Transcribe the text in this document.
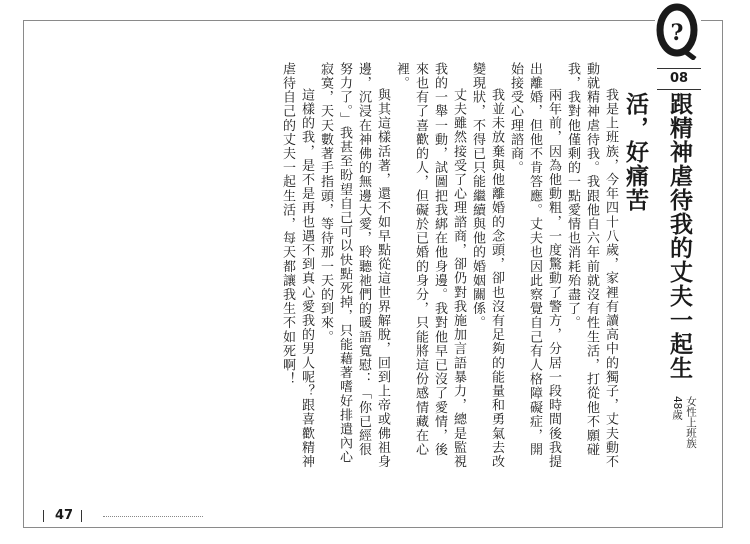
?
08
跟精神虐待我的丈夫一起生活，好痛苦
女性上班族
48歲

我是上班族，今年四十八歲，家裡有讀高中的獨子，丈夫動不動就精神虐待我。我跟他自六年前就沒有性生活，打從他不願碰我，我對他僅剩的一點愛情也消耗殆盡了。

兩年前，因為他動粗，一度驚動了警方，分居一段時間後我提出離婚，但他不肯答應。丈夫也因此察覺自己有人格障礙症，開始接受心理諮商。

我並未放棄與他離婚的念頭，卻也沒有足夠的能量和勇氣去改變現狀，不得已只能繼續與他的婚姻關係。

丈夫雖然接受了心理諮商，卻仍對我施加言語暴力，總是監視我的一舉一動，試圖把我綁在他身邊。我對他早已沒了愛情，後來也有了喜歡的人，但礙於已婚的身分，只能將這份感情藏在心裡。

與其這樣活著，還不如早點從這世界解脫，回到上帝或佛祖身邊，沉浸在神佛的無邊大愛，聆聽祂們的暖語寬慰：「你已經很努力了。」我甚至盼望自己可以快點死掉，只能藉著嗜好排遣內心寂寞，天天數著手指頭，等待那一天的到來。

這樣的我，是不是再也遇不到真心愛我的男人呢？跟喜歡精神虐待自己的丈夫一起生活，每天都讓我生不如死啊！

47
